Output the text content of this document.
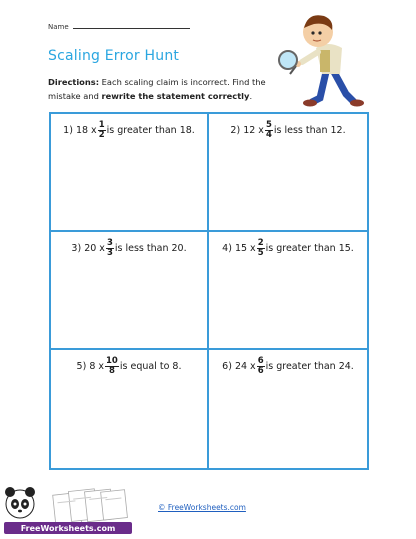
Name
Scaling Error Hunt
Directions: Each scaling claim is incorrect. Find the mistake and rewrite the statement correctly.
1) 18 x $\frac{1}{2}$ is greater than 18.	2) 12 x $\frac{5}{4}$ is less than 12.
3) 20 x $\frac{3}{3}$ is less than 20.	4) 15 x $\frac{2}{5}$ is greater than 15.
5) 8 x $\frac{10}{8}$ is equal to 8.	6) 24 x $\frac{6}{6}$ is greater than 24.
FreeWorksheets.com
© FreeWorksheets.com
